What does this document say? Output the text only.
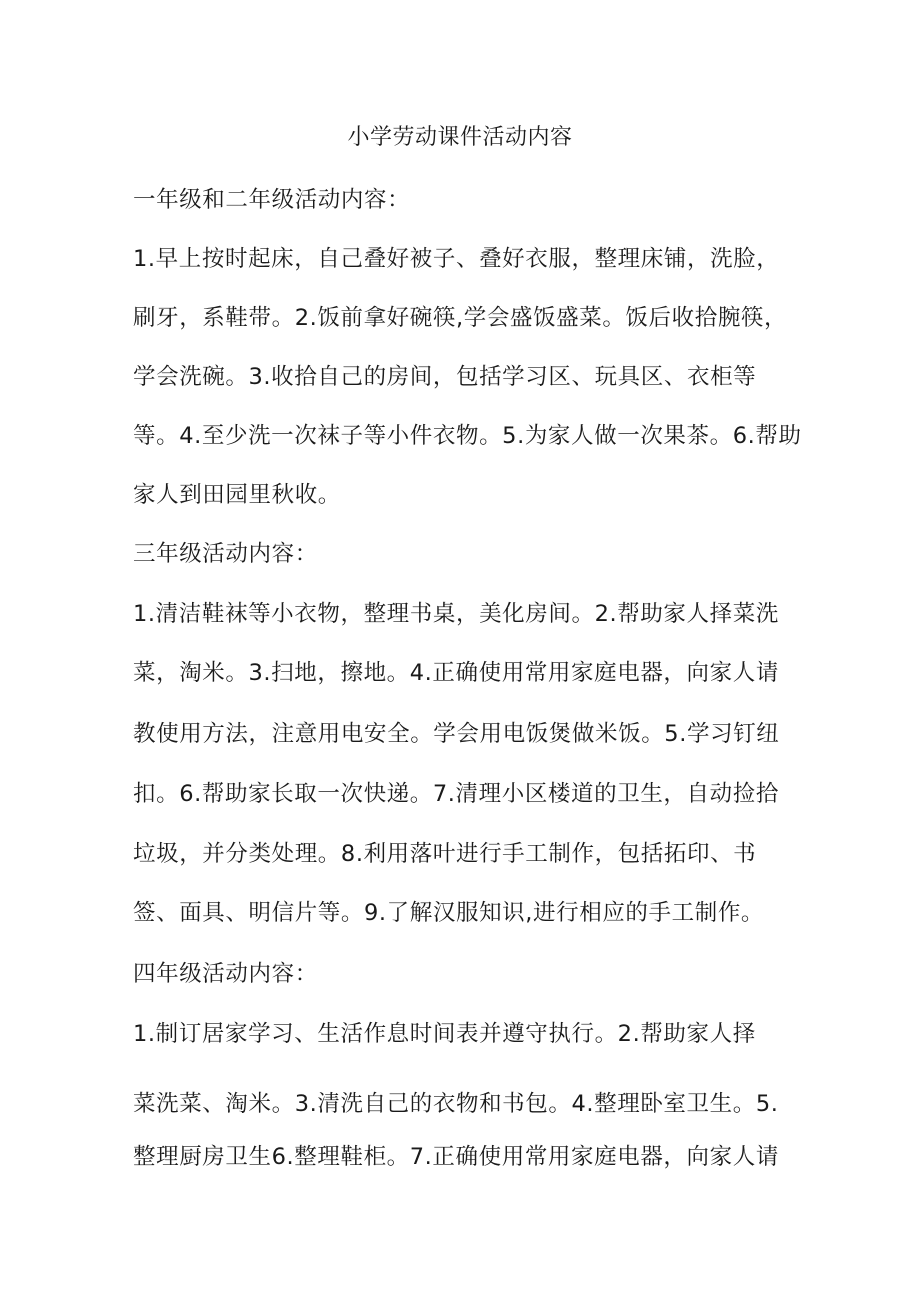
小学劳动课件活动内容
一年级和二年级活动内容：
1.早上按时起床，自己叠好被子、叠好衣服，整理床铺，洗脸，
刷牙，系鞋带。2.饭前拿好碗筷,学会盛饭盛菜。饭后收拾腕筷，
学会洗碗。3.收拾自己的房间，包括学习区、玩具区、衣柜等
等。4.至少洗一次袜子等小件衣物。5.为家人做一次果茶。6.帮助
家人到田园里秋收。
三年级活动内容：
1.清洁鞋袜等小衣物，整理书桌，美化房间。2.帮助家人择菜洗
菜，淘米。3.扫地，擦地。4.正确使用常用家庭电器，向家人请
教使用方法，注意用电安全。学会用电饭煲做米饭。5.学习钉纽
扣。6.帮助家长取一次快递。7.清理小区楼道的卫生，自动捡拾
垃圾，并分类处理。8.利用落叶进行手工制作，包括拓印、书
签、面具、明信片等。9.了解汉服知识,进行相应的手工制作。
四年级活动内容：
1.制订居家学习、生活作息时间表并遵守执行。2.帮助家人择
菜洗菜、淘米。3.清洗自己的衣物和书包。4.整理卧室卫生。5.
整理厨房卫生6.整理鞋柜。7.正确使用常用家庭电器，向家人请
